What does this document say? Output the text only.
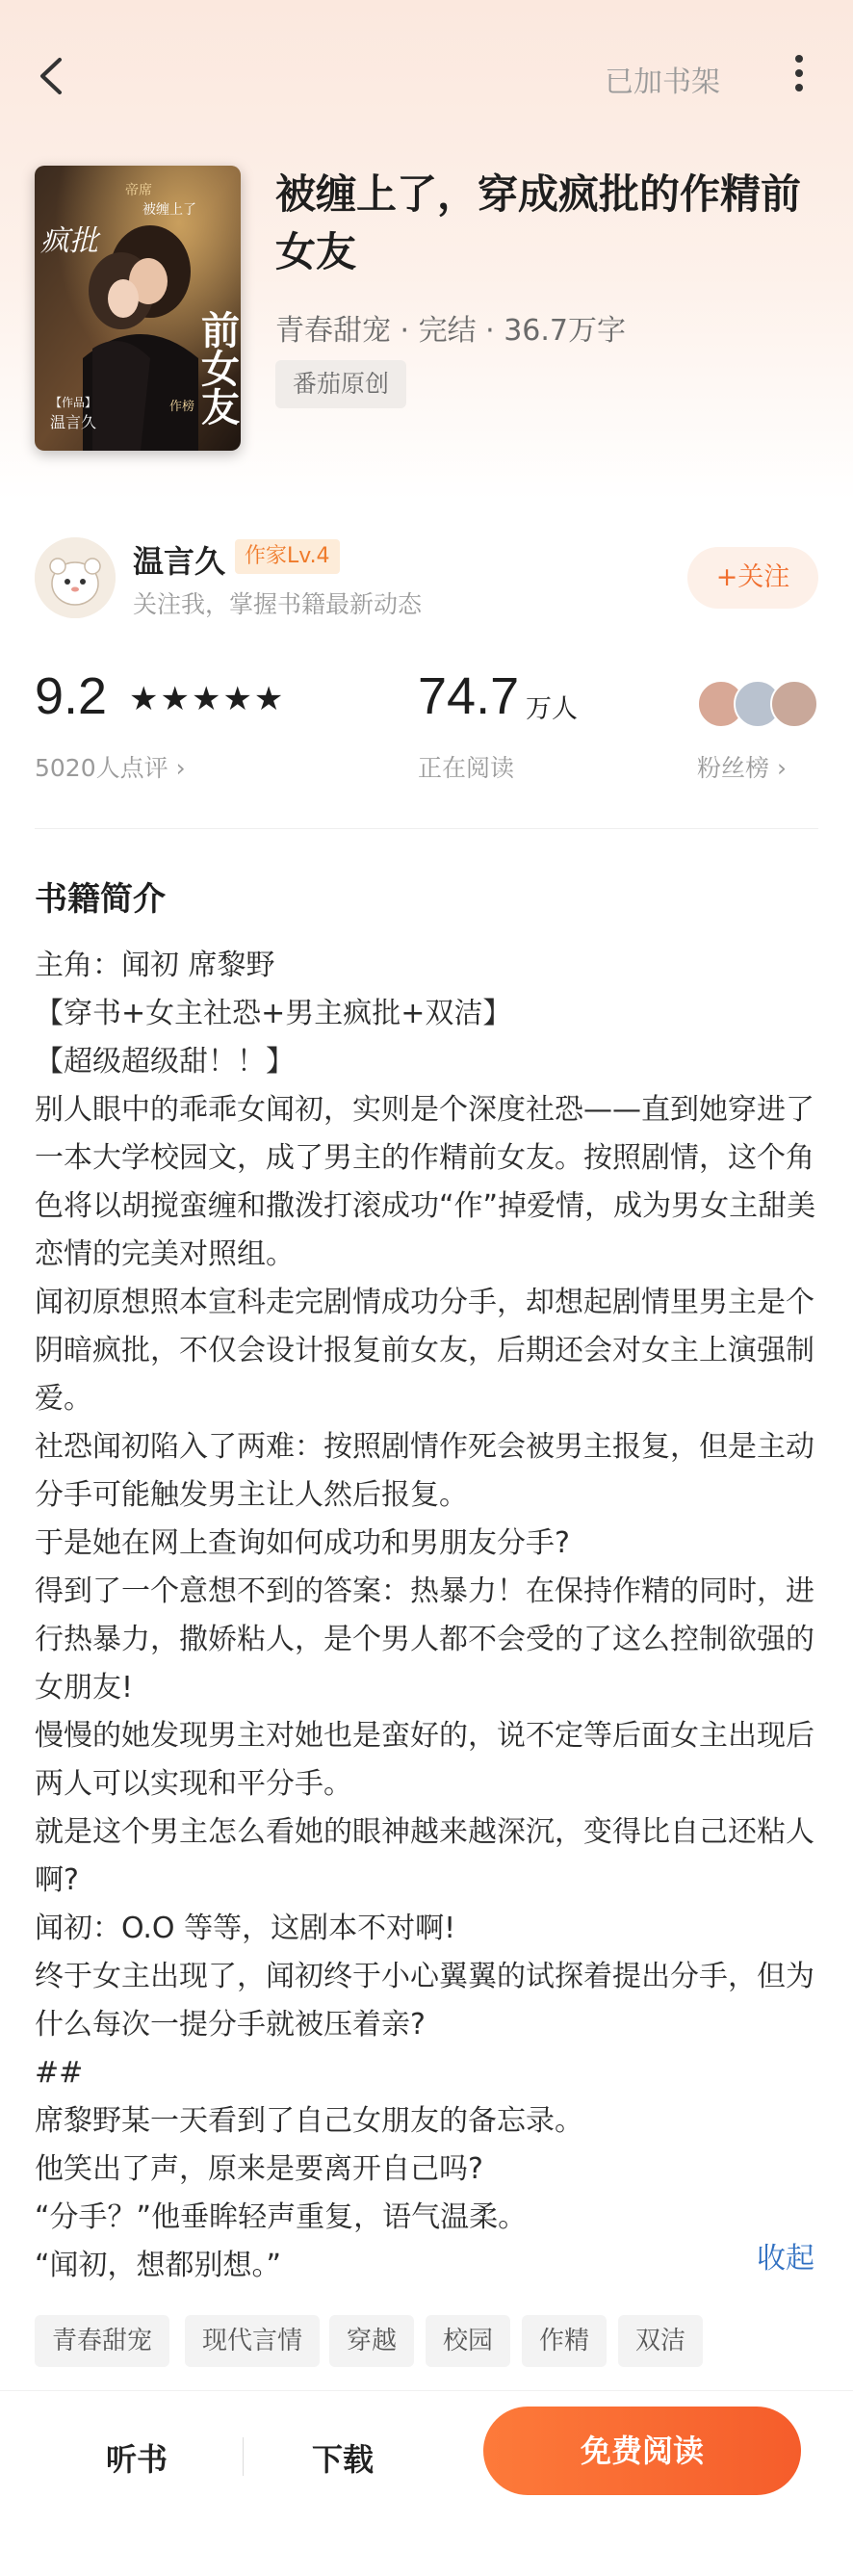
已加书架
帝席
被缠上了
疯批
前女友
【作品】
温言久
作榜
被缠上了，穿成疯批的作精前女友
青春甜宠 · 完结 · 36.7万字
番茄原创
温言久 作家Lv.4
关注我，掌握书籍最新动态
+关注
9.2 ★★★★★
5020人点评 ›
74.7 万人
正在阅读	粉丝榜 ›
书籍简介

主角：闻初 席黎野

【穿书+女主社恐+男主疯批+双洁】

【超级超级甜！！】

别人眼中的乖乖女闻初，实则是个深度社恐——直到她穿进了一本大学校园文，成了男主的作精前女友。按照剧情，这个角色将以胡搅蛮缠和撒泼打滚成功“作”掉爱情，成为男女主甜美恋情的完美对照组。

闻初原想照本宣科走完剧情成功分手，却想起剧情里男主是个阴暗疯批，不仅会设计报复前女友，后期还会对女主上演强制爱。

社恐闻初陷入了两难：按照剧情作死会被男主报复，但是主动分手可能触发男主让人然后报复。

于是她在网上查询如何成功和男朋友分手?

得到了一个意想不到的答案：热暴力！在保持作精的同时，进行热暴力，撒娇粘人，是个男人都不会受的了这么控制欲强的女朋友!

慢慢的她发现男主对她也是蛮好的，说不定等后面女主出现后两人可以实现和平分手。

就是这个男主怎么看她的眼神越来越深沉，变得比自己还粘人啊?

闻初：O.O 等等，这剧本不对啊!

终于女主出现了，闻初终于小心翼翼的试探着提出分手，但为什么每次一提分手就被压着亲?

##

席黎野某一天看到了自己女朋友的备忘录。

他笑出了声，原来是要离开自己吗?

“分手？”他垂眸轻声重复，语气温柔。

“闻初，想都别想。”	收起
青春甜宠	现代言情	穿越	校园	作精	双洁
听书	下载	免费阅读
